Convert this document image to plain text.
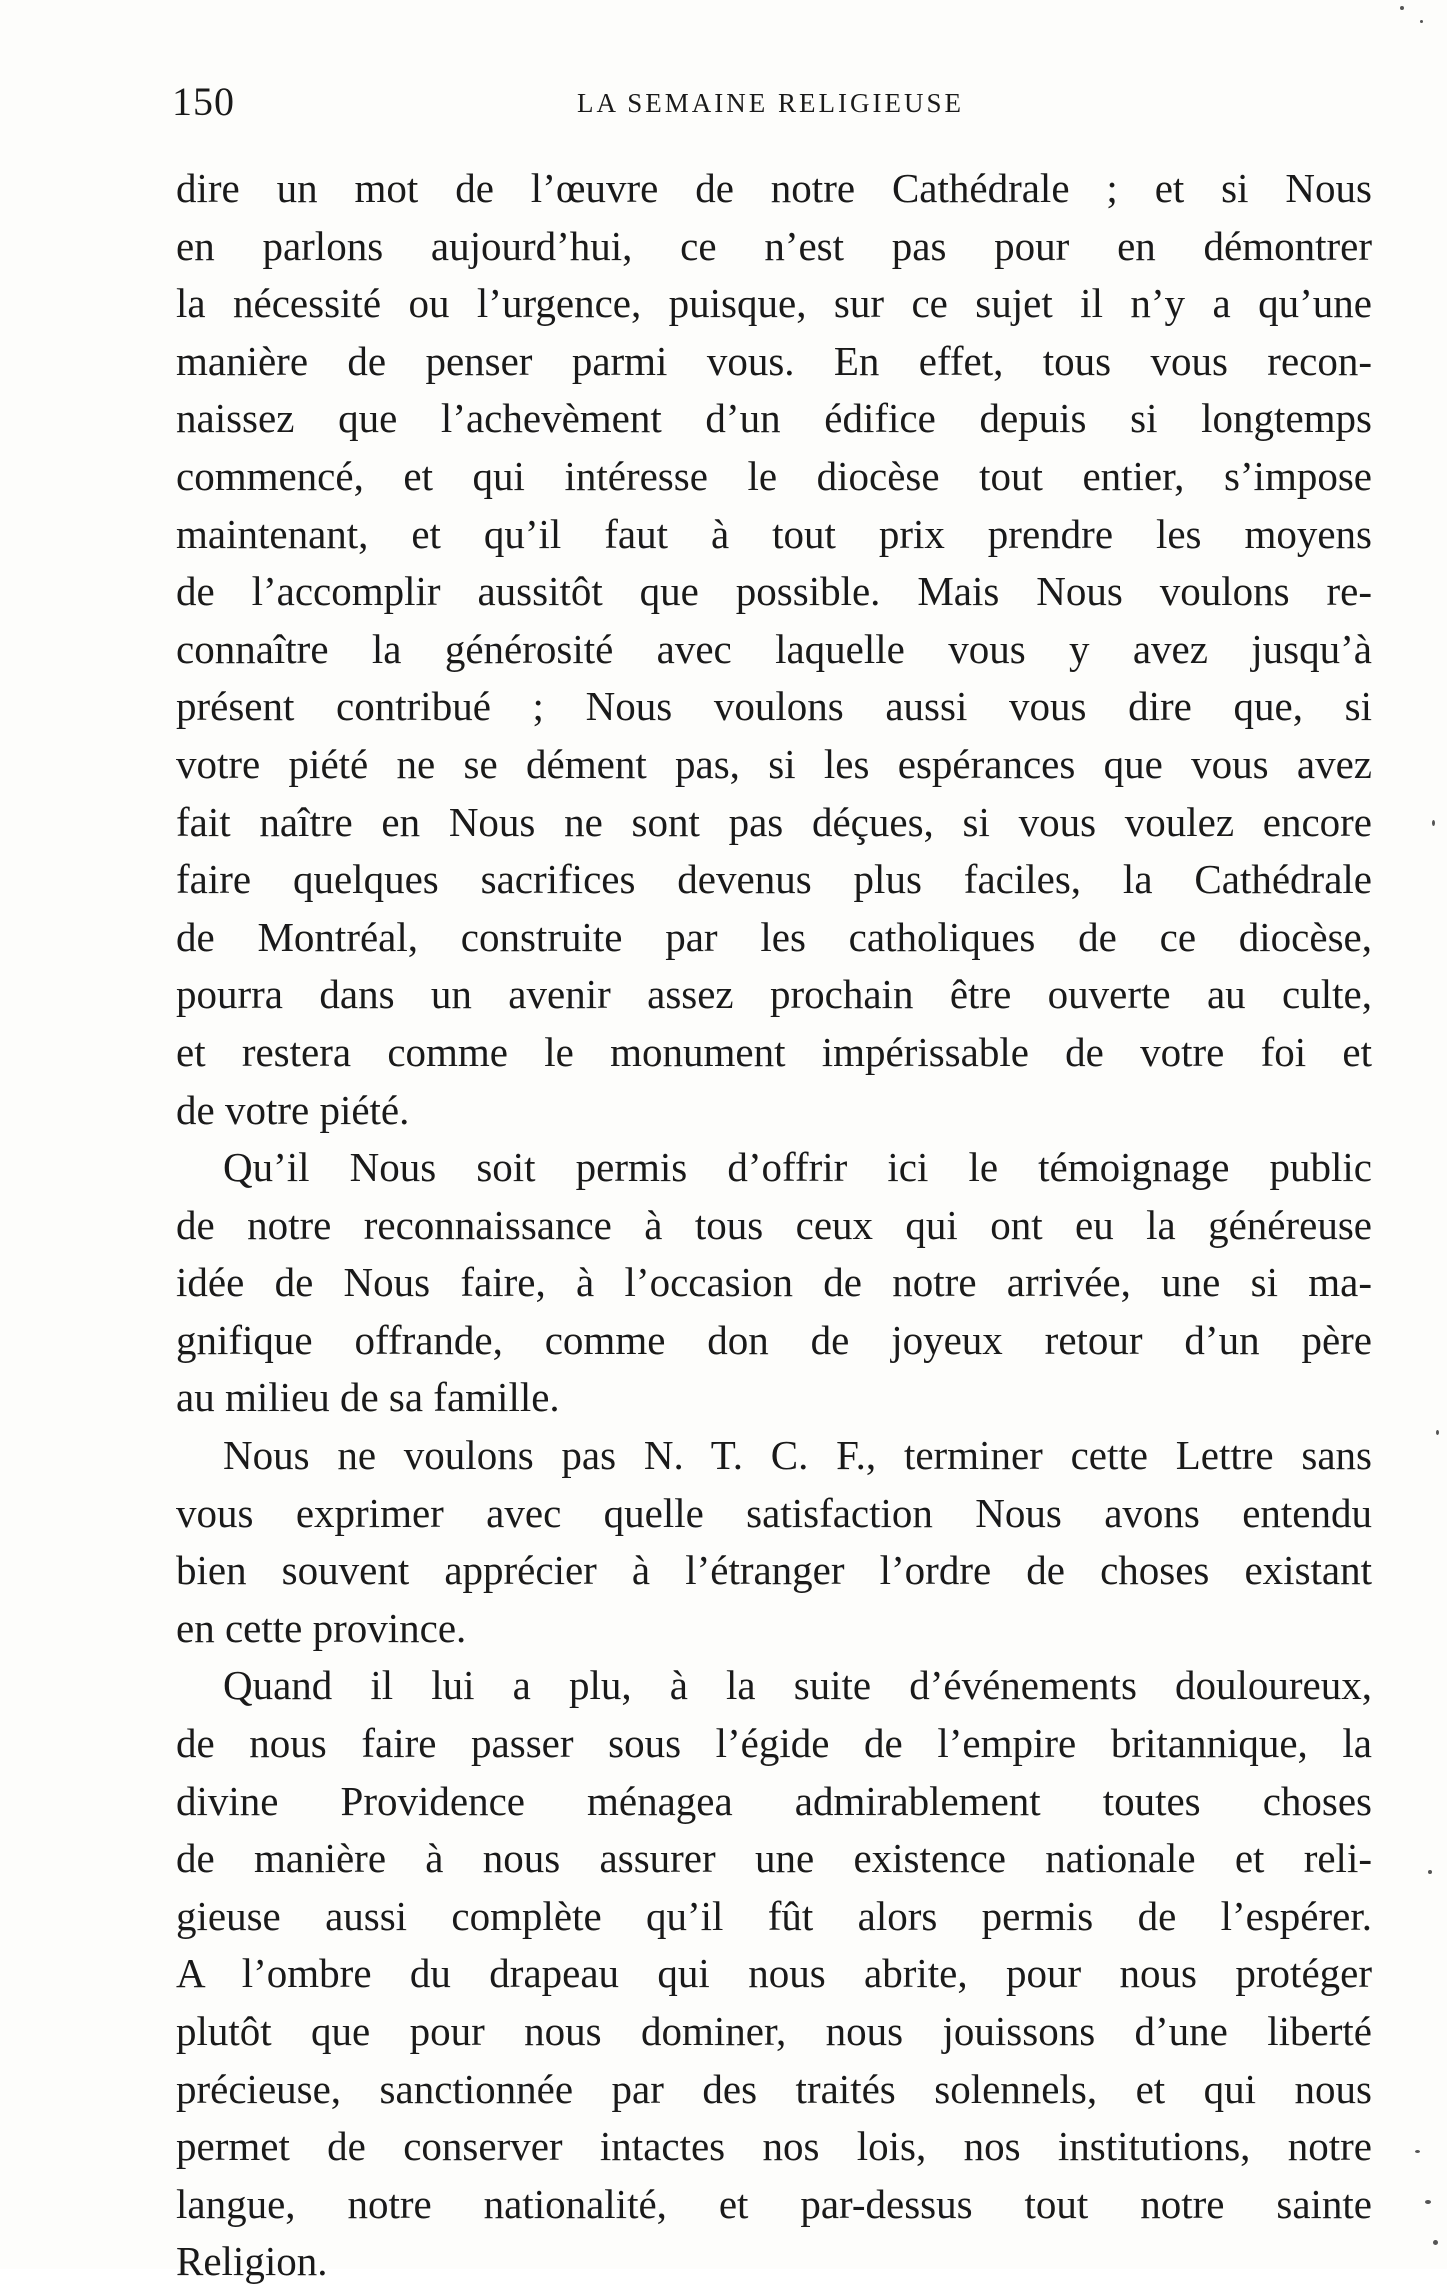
150	LA SEMAINE RELIGIEUSE
dire un mot de l’œuvre de notre Cathédrale ; et si Nous
en parlons aujourd’hui, ce n’est pas pour en démontrer
la nécessité ou l’urgence, puisque, sur ce sujet il n’y a qu’une
manière de penser parmi vous. En effet, tous vous recon-
naissez que l’achevèment d’un édifice depuis si longtemps
commencé, et qui intéresse le diocèse tout entier, s’impose
maintenant, et qu’il faut à tout prix prendre les moyens
de l’accomplir aussitôt que possible. Mais Nous voulons re-
connaître la générosité avec laquelle vous y avez jusqu’à
présent contribué ; Nous voulons aussi vous dire que, si
votre piété ne se dément pas, si les espérances que vous avez
fait naître en Nous ne sont pas déçues, si vous voulez encore
faire quelques sacrifices devenus plus faciles, la Cathédrale
de Montréal, construite par les catholiques de ce diocèse,
pourra dans un avenir assez prochain être ouverte au culte,
et restera comme le monument impérissable de votre foi et
de votre piété.
Qu’il Nous soit permis d’offrir ici le témoignage public
de notre reconnaissance à tous ceux qui ont eu la généreuse
idée de Nous faire, à l’occasion de notre arrivée, une si ma-
gnifique offrande, comme don de joyeux retour d’un père
au milieu de sa famille.
Nous ne voulons pas N. T. C. F., terminer cette Lettre sans
vous exprimer avec quelle satisfaction Nous avons entendu
bien souvent apprécier à l’étranger l’ordre de choses existant
en cette province.
Quand il lui a plu, à la suite d’événements douloureux,
de nous faire passer sous l’égide de l’empire britannique, la
divine Providence ménagea admirablement toutes choses
de manière à nous assurer une existence nationale et reli-
gieuse aussi complète qu’il fût alors permis de l’espérer.
A l’ombre du drapeau qui nous abrite, pour nous protéger
plutôt que pour nous dominer, nous jouissons d’une liberté
précieuse, sanctionnée par des traités solennels, et qui nous
permet de conserver intactes nos lois, nos institutions, notre
langue, notre nationalité, et par-dessus tout notre sainte
Religion.
